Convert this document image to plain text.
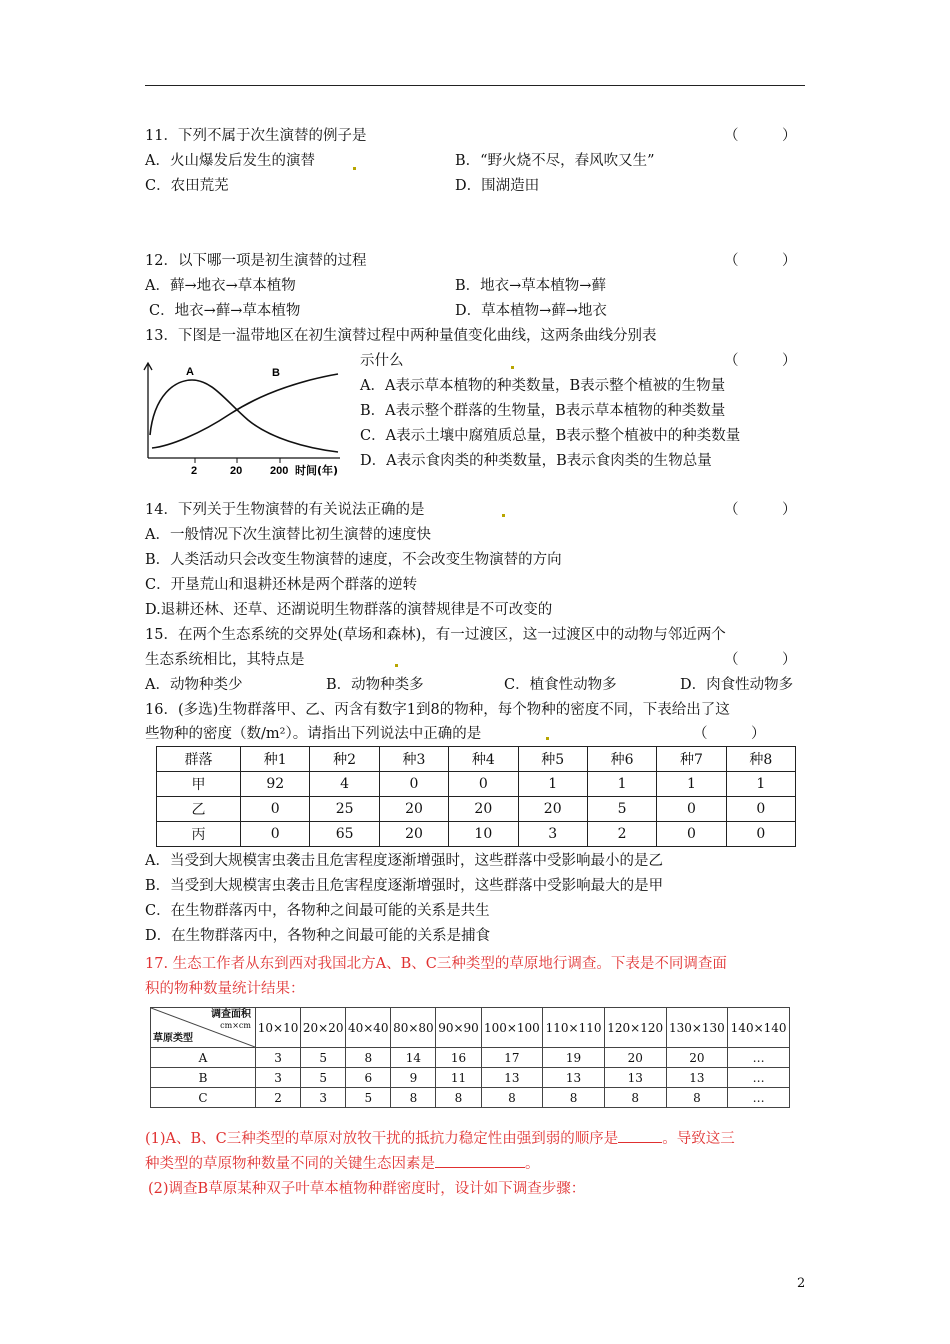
11．下列不属于次生演替的例子是	（　　　）
A．火山爆发后发生的演替	B．“野火烧不尽，春风吹又生”
C．农田荒芜	D．围湖造田
12．以下哪一项是初生演替的过程	（　　　）
A．藓→地衣→草本植物	B．地衣→草本植物→藓
C．地衣→藓→草本植物	D．草本植物→藓→地衣
13．下图是一温带地区在初生演替过程中两种量值变化曲线，这两条曲线分别表
示什么	（　　　）
A	B
2	20	200 时间(年)
A．A表示草本植物的种类数量，B表示整个植被的生物量
B．A表示整个群落的生物量，B表示草本植物的种类数量
C．A表示土壤中腐殖质总量，B表示整个植被中的种类数量
D．A表示食肉类的种类数量，B表示食肉类的生物总量
14．下列关于生物演替的有关说法正确的是	（　　　）
A．一般情况下次生演替比初生演替的速度快
B．人类活动只会改变生物演替的速度，不会改变生物演替的方向
C．开垦荒山和退耕还林是两个群落的逆转
D.退耕还林、还草、还湖说明生物群落的演替规律是不可改变的
15．在两个生态系统的交界处(草场和森林)，有一过渡区，这一过渡区中的动物与邻近两个
生态系统相比，其特点是	（　　　）
A．动物种类少	B．动物种类多	C．植食性动物多	D．肉食性动物多
16．(多选)生物群落甲、乙、丙含有数字1到8的物种，每个物种的密度不同，下表给出了这
些物种的密度（数/m²）。请指出下列说法中正确的是	（　　　）
群落	种1	种2	种3	种4	种5	种6	种7	种8
甲	92	4	0	0	1	1	1	1
乙	0	25	20	20	20	5	0	0
丙	0	65	20	10	3	2	0	0
A．当受到大规模害虫袭击且危害程度逐渐增强时，这些群落中受影响最小的是乙
B．当受到大规模害虫袭击且危害程度逐渐增强时，这些群落中受影响最大的是甲
C．在生物群落丙中，各物种之间最可能的关系是共生
D．在生物群落丙中，各物种之间最可能的关系是捕食
17. 生态工作者从东到西对我国北方A、B、C三种类型的草原地行调查。下表是不同调查面
积的物种数量统计结果：
调查面积
cm×cm
草原类型	10×10	20×20	40×40	80×80	90×90	100×100	110×110	120×120	130×130	140×140
A	3	5	8	14	16	17	19	20	20	…
B	3	5	6	9	11	13	13	13	13	…
C	2	3	5	8	8	8	8	8	8	…
(1)A、B、C三种类型的草原对放牧干扰的抵抗力稳定性由强到弱的顺序是	。导致这三
种类型的草原物种数量不同的关键生态因素是	。
(2)调查B草原某种双子叶草本植物种群密度时，设计如下调查步骤：
2
